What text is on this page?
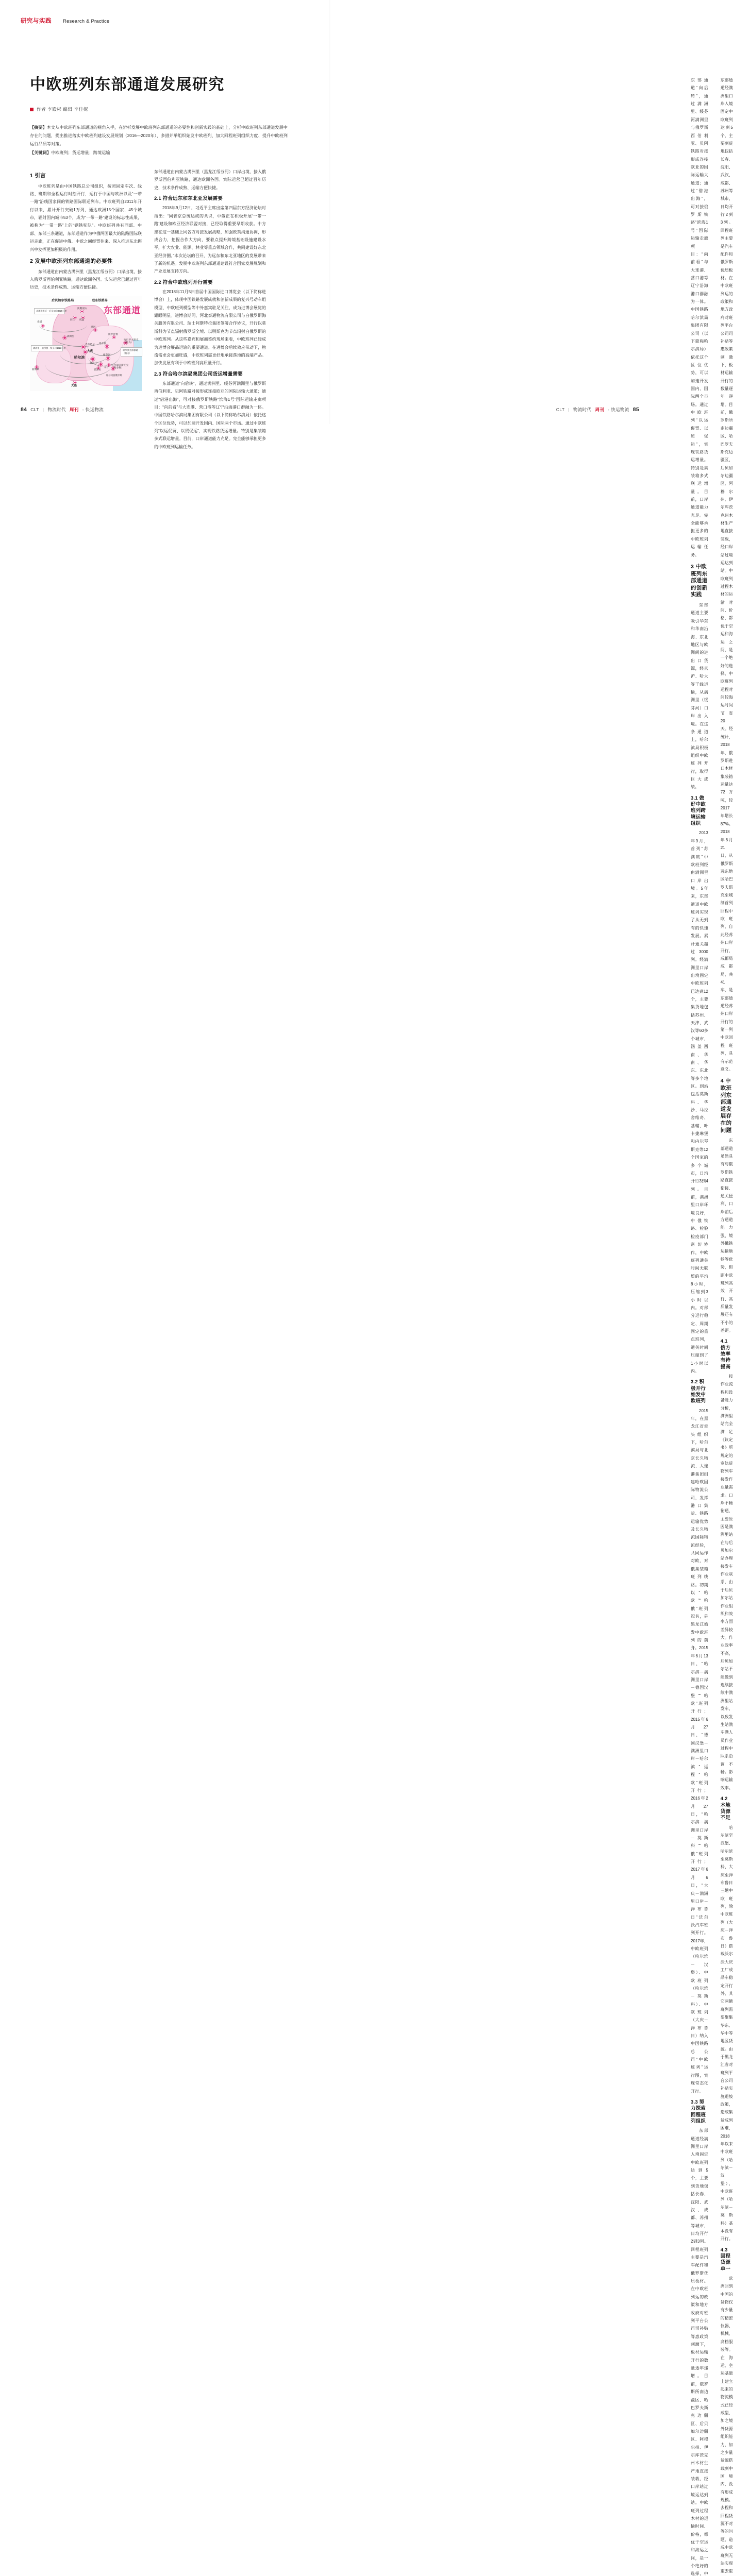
研究与实践 Research & Practice
中欧班列东部通道发展研究
作者 李殿彬 编辑 李佳妮
【摘要】本文从中欧班列东部通道的视角入手，在辨析发展中欧班列东部通道的必要性和创新实践的基础上，分析中欧班列东部通道发展中存在的问题，提出推进落实中欧班列建设发展规划（2016—2020年）、多措并举组织始发中欧班列、加大回程班列组织力度、提升中欧班列运行品质等对策。
【关键词】中欧班列；货运增量；跨境运输
1 引言

中欧班列是由中国铁路总公司组织，按照固定车次、线路、班期和全程运行时刻开行，运行于中国与欧洲以及“一带一路”沿线国家间的铁路国际联运列车。中欧班列自2011年开行以来，累计开行突破1万列，通达欧洲15个国家、45个城市，辐射国内城市53个，成为“一带一路”建设的标志性成果，被称为“一带一路”上的“钢铁驼队”。中欧班列共有西部、中部、东部三条通道，东部通道作为中俄两国最大的陆路国际联运走廊，正在促进中俄、中欧之间经贸往来、深入推进东北振兴中发挥更加积极的作用。

2 发展中欧班列东部通道的必要性

东部通道由内蒙古满洲里（黑龙江绥芬河）口岸出境，接入俄罗斯西伯利亚铁路，通达欧洲各国。实际运营已超过百年历史，技术条件成熟、运输方便快捷。

东部通道
后贝加尔铁路局	远东铁路局
赤塔通克沃－后贝加尔3325公里
满洲里－哈尔滨－绥芬河1522公里
赤塔
满洲里
齐齐哈尔
大庆
哈尔滨
牡丹江
绥芬河
佳木斯
黑河
比罗比詹
哈巴罗夫斯克（伯力）
符拉迪沃斯托克（海参崴）
大连
蓝烟转
东宁
老黑山
沃利诺夫
同江 抚远
哈尔滨至海参崴（格力）
绥芬河接俄罗斯

东部通道由内蒙古满洲里（黑龙江绥芬河）口岸出境，接入俄罗斯西伯利亚铁路，通达欧洲各国。实际运营已超过百年历史，技术条件成熟、运输方便快捷。

2.1 符合远东和东北亚发展需要

2018年9月12日，习近平主席出席第四届东方经济论坛时指出：“同普京总统达成的共识，中俄正在积极开展‘一带一路’建设和欧亚经济联盟对接，已经取得重要早期收获。中方愿在这一基础上同各方对接发展战略，加强政策沟通协调，形成合力，把握合作大方向，要着点提升跨境基础设施建设水平，扩大农业、能源、林业等重点领域合作，共同建设好东北亚经济圈。”本次论坛的召开，为远东和东北亚地区的发展带来了新的机遇。发展中欧班列东部通道建设符合国家发展规划和产业发展支持方向。

2.2 符合中欧班列开行需要

在2018年11月5日首届中国国际进口博览会（以下简称进博会）上，体现中国铁路发展成就和创新成果的复兴号动车组模型、中欧班列模型等中外嘉宾驻足关注，成为进博会展览的耀眼明星。进博会期间，河北泰通物流有限公司与白俄罗斯海关服务有限公司、瑞士阿斯特拉集团签署合作协议，开行以莫斯科为节点辐射俄罗斯全境、以明斯克为节点辐射白俄罗斯的中欧班列。从这些嘉宾和展商签约现场来看，中欧班列已经成为进博会展品运输的重要通道。在进博会后续效应带动下，物流需求会更加旺盛，中欧班列需更好地承接落地的高端产品。加快发展有利于中欧班列高质量开行。

2.3 符合哈尔滨局集团公司货运增量需要

东部通道“向后转”，通过满洲里、绥芬河满洲里与俄罗斯西伯利亚、贝阿铁路对接形成连接欧亚的国际运输大通道；通过“借港出海”，可对接俄罗斯铁路“滨海1号”国际运输走廊项目：“向前看”与大连港、营口港等辽宁沿海港口群融为一体。中国铁路哈尔滨局集团有限公司（以下简称哈尔滨局）依托这个区位优势，可以加速开发国内、国际两个市场。通过中欧班列“以运促贸、以贸促运”，实现铁路货运增量。特别是集装箱多式联运增量。目前，口岸通道能力充足。完全能够承担更多的中欧班列运输任务。

84 CLT | 物流时代 周刊 - 快运物流

东部通道“向后转”，通过满洲里、绥芬河满洲里与俄罗斯西伯利亚、贝阿铁路对接形成连接欧亚的国际运输大通道；通过“借港出海”，可对接俄罗斯铁路“滨海1号”国际运输走廊项目：“向前看”与大连港、营口港等辽宁沿海港口群融为一体。中国铁路哈尔滨局集团有限公司（以下简称哈尔滨局）依托这个区位优势，可以加速开发国内、国际两个市场。通过中欧班列“以运促贸、以贸促运”，实现铁路货运增量。特别是集装箱多式联运增量。目前，口岸通道能力充足。完全能够承担更多的中欧班列运输任务。

3 中欧班列东部通道的创新实践

东部通道主要吸引华东和华南沿海、东北地区与欧洲间的进出口货源，经京沪、哈大等干线运输，从满洲里（绥芬河）口岸出入境。在这条通道上，哈尔滨局积极组织中欧班列开行，取得巨大成绩。

3.1 做好中欧班列跨境运输组织

2013年9月，首列“苏满欧”中欧班列经由满洲里口岸出境。5年来，东部通道中欧班列实现了从无到有的快速发展。累计通关超过3000列。经满洲里口岸出境固定中欧班列已达到12个，主要集货地包括苏州、天津、武汉等60多个城市，涵盖西南、华南、华东、东北等多个地区。到站包括莫斯科、华沙、马拉舍维奇、基辅、叶卡捷琳堡和内尔琴斯克等12个国家的多个城市，日均开行3到4列。目前，满洲里口岸环境良好，中俄铁路、检验检疫部门密切协作，中欧班列通关时间无联贸的平均8小时，压缩到3小时以内。对部分运行稳定、周期固定的重点班列，通关时间压缩到了1小时以内。

3.2 积极开行始发中欧班列

2015年，在黑龙江省牵头组织下，哈尔滨局与北京长久物流、大连港集团组建哈欧国际物流公司，发挥港口集货、铁路运输优势及长久物流国际物流经验，共同运作对欧、对俄集装箱班列线路。初期以“哈欧”“哈俄”班列冠名，是黑龙江始发中欧班列的前身。2015年6月13日，“哈尔滨－满洲里口岸－德国汉堡”“哈欧”班列开行；2015年6月27日，“德国汉堡－满洲里口岸－哈尔滨”返程“哈欧”班列开行；2016年2月27日，“哈尔滨－满洲里口岸－莫斯科”“哈俄”班列开行；2017年6月6日，“大庆－满洲里口岸－泽布鲁日”沃尔沃汽车班列开行。2017年，中欧班列（哈尔滨－汉堡）、中欧班列（哈尔滨－莫斯科）、中欧班列（大庆－泽布鲁日）纳入中国铁路总公司“中欧班列”运行图，实现常态化开行。

3.3 努力探索回程班列组织

东部通道经满洲里口岸入境固定中欧班列达到5个，主要到货地包括长春、沈阳、武汉、成都、苏州等城市，日均开行2到3列。回程班列主要是汽车配件和俄罗斯优质板材。在中欧班列运的政策和地方政府对班列平台公司司补贴等惠政策刺激下，板材运输开行的数量逐年递增。目前，俄罗斯所南边疆区、哈巴罗夫斯克边疆区、后贝加尔边疆区、阿穆尔州、伊尔库茨克州木材生产地直接装载，经口岸站过境运达到站。中欧班列过程木材的运输时间、价格，都优于空运和海运之间，是一个绝好的选择，中

东部通道经满洲里口岸入境固定中欧班列达到5个，主要到货地包括长春、沈阳、武汉、成都、苏州等城市，日均开行2到3列。回程班列主要是汽车配件和俄罗斯优质板材。在中欧班列运的政策和地方政府对班列平台公司司补贴等惠政策刺激下，板材运输开行的数量逐年递增。目前，俄罗斯所南边疆区、哈巴罗夫斯克边疆区、后贝加尔边疆区、阿穆尔州、伊尔库茨克州木材生产地直接装载，经口岸站过境运达到站。中欧班列过程木材的运输时间、价格，都优于空运和海运之间，是一个绝好的选择，中欧班列运程时间较海运时间节省20天。经统计，2018年，俄罗斯进口木材集装箱运量达72万吨，较2017年增长87%。2018年8月21日，从俄罗斯远东地区哈巴罗夫斯克至城制首列回程中欧班列，自此经苏州口岸开行，成都局成都局，共41车，是东部通道经苏州口岸开行的第一列中欧回程班列，具有示范意义。

4 中欧班列东部通道发展存在的问题

东部通道虽然具有与俄罗斯铁路直接衔接、通关便利、口岸前后方通道能力强、境外俄铁运输顺畅等优势，但距中欧班列高效开行、高质量发展还有不小的差距。

4.1 俄方效率有待提高

按作业流程和设备能力分析，满洲里站完全满足《议定书》所规定的宽轨货物列车接发作业量需求。口岸不畅衔通，主要原因是满洲里站在与后贝加尔站办理接发车作业联系，由于后贝加尔站作业组织和效率方面差异较大。作业效率不高，后贝加尔站不能做到连续接续中满洲里站发车，以致发生站满车满人员作业过程中队系沿调不畅。影响运输效率。

4.2 本地货源不足

哈尔滨至汉堡、哈尔滨至莫斯科、大庆至泽布鲁日三趟中欧班列，除中欧班列（大庆－泽布鲁日）搭载沃尔沃大庆工厂成品车稳定开行外，其它两趟班列需要聚集华东、华中等地区货源。由于黑龙江省对班列平台公司补贴实施退坡政策，造成集货成列困难，2018年以来中欧班列（哈尔滨－汉堡）、中欧班列（哈尔滨－莫斯科）基本没有开行。

4.3 回程货源单一

欧洲回到中国的货物仅有少量的精密仪器、机械、高档服装等。在海运、空运基础上建立起来的物流模式已经成型，加之境外货源组织能力，加之少量货源搭载到中国境内，没有形成规模。去程和回程货源不对等的问题，造成中欧班列无法实现重去重

CLT | 物流时代 周刊 - 快运物流 85
